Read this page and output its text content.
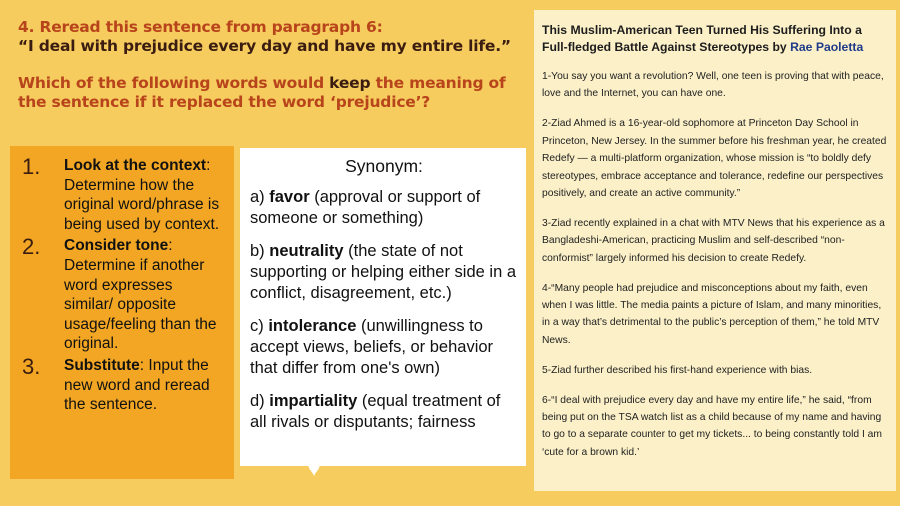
4. Reread this sentence from paragraph 6:
“I deal with prejudice every day and have my entire life.”
Which of the following words would keep the meaning of the sentence if it replaced the word ‘prejudice’?
1.	Look at the context: Determine how the original word/phrase is being used by context.
2.	Consider tone: Determine if another word expresses similar/ opposite usage/feeling than the original.
3.	Substitute: Input the new word and reread the sentence.
Synonym:
a) favor (approval or support of someone or something)
b) neutrality (the state of not supporting or helping either side in a conflict, disagreement, etc.)
c) intolerance (unwillingness to accept views, beliefs, or behavior that differ from one's own)
d) impartiality (equal treatment of all rivals or disputants; fairness
♥
This Muslim-American Teen Turned His Suffering Into a Full-fledged Battle Against Stereotypes by Rae Paoletta

1-You say you want a revolution? Well, one teen is proving that with peace, love and the Internet, you can have one.

2-Ziad Ahmed is a 16-year-old sophomore at Princeton Day School in Princeton, New Jersey. In the summer before his freshman year, he created Redefy — a multi-platform organization, whose mission is “to boldly defy stereotypes, embrace acceptance and tolerance, redefine our perspectives positively, and create an active community.”

3-Ziad recently explained in a chat with MTV News that his experience as a Bangladeshi-American, practicing Muslim and self-described “non-conformist” largely informed his decision to create Redefy.

4-“Many people had prejudice and misconceptions about my faith, even when I was little. The media paints a picture of Islam, and many minorities, in a way that’s detrimental to the public’s perception of them,” he told MTV News.

5-Ziad further described his first-hand experience with bias.

6-“I deal with prejudice every day and have my entire life,” he said, “from being put on the TSA watch list as a child because of my name and having to go to a separate counter to get my tickets... to being constantly told I am ‘cute for a brown kid.’
